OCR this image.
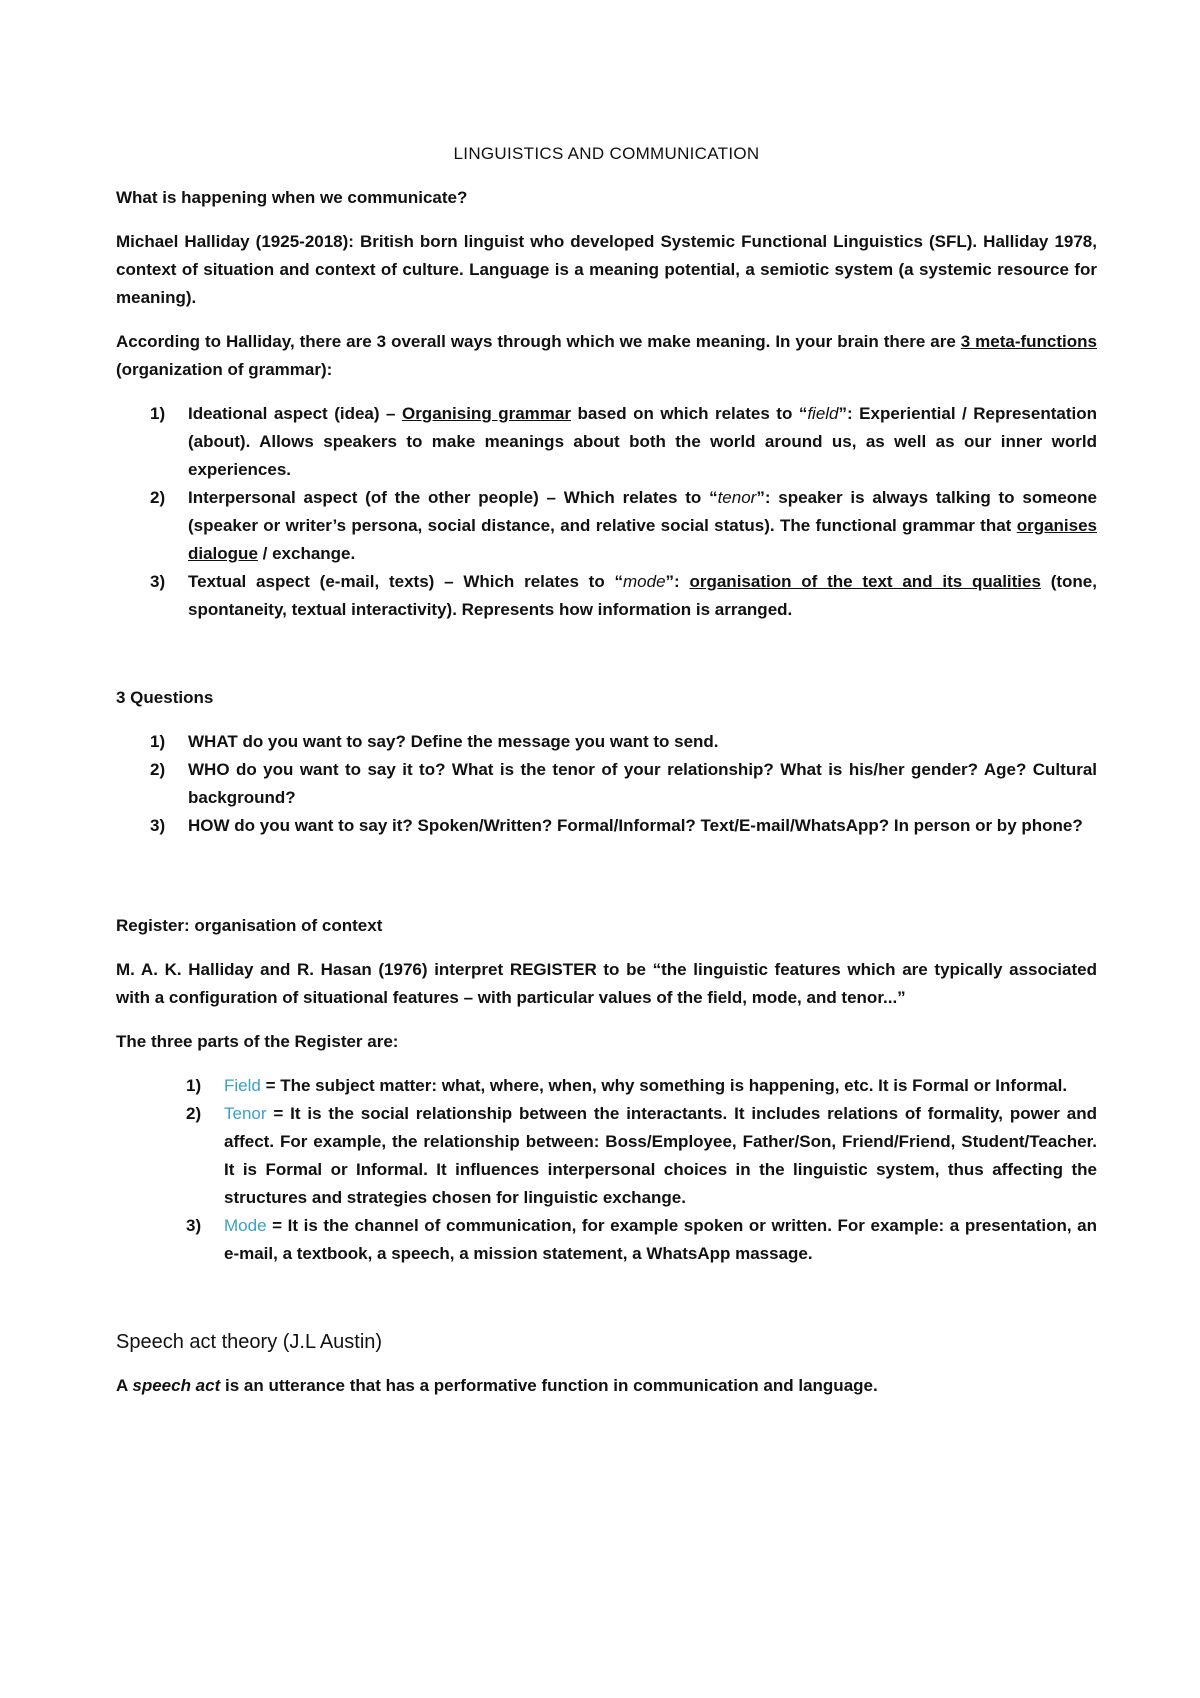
LINGUISTICS AND COMMUNICATION

What is happening when we communicate?

Michael Halliday (1925-2018): British born linguist who developed Systemic Functional Linguistics (SFL). Halliday 1978, context of situation and context of culture. Language is a meaning potential, a semiotic system (a systemic resource for meaning).

According to Halliday, there are 3 overall ways through which we make meaning. In your brain there are 3 meta-functions (organization of grammar):

1) Ideational aspect (idea) – Organising grammar based on which relates to “field”: Experiential / Representation (about). Allows speakers to make meanings about both the world around us, as well as our inner world experiences.
2) Interpersonal aspect (of the other people) – Which relates to “tenor”: speaker is always talking to someone (speaker or writer’s persona, social distance, and relative social status). The functional grammar that organises dialogue / exchange.
3) Textual aspect (e-mail, texts) – Which relates to “mode”: organisation of the text and its qualities (tone, spontaneity, textual interactivity). Represents how information is arranged.

3 Questions

1) WHAT do you want to say? Define the message you want to send.
2) WHO do you want to say it to? What is the tenor of your relationship? What is his/her gender? Age? Cultural background?
3) HOW do you want to say it? Spoken/Written? Formal/Informal? Text/E-mail/WhatsApp? In person or by phone?

Register: organisation of context

M. A. K. Halliday and R. Hasan (1976) interpret REGISTER to be “the linguistic features which are typically associated with a configuration of situational features – with particular values of the field, mode, and tenor...”

The three parts of the Register are:

1) Field = The subject matter: what, where, when, why something is happening, etc. It is Formal or Informal.
2) Tenor = It is the social relationship between the interactants. It includes relations of formality, power and affect. For example, the relationship between: Boss/Employee, Father/Son, Friend/Friend, Student/Teacher. It is Formal or Informal. It influences interpersonal choices in the linguistic system, thus affecting the structures and strategies chosen for linguistic exchange.
3) Mode = It is the channel of communication, for example spoken or written. For example: a presentation, an e-mail, a textbook, a speech, a mission statement, a WhatsApp massage.
Speech act theory (J.L Austin)

A speech act is an utterance that has a performative function in communication and language.
